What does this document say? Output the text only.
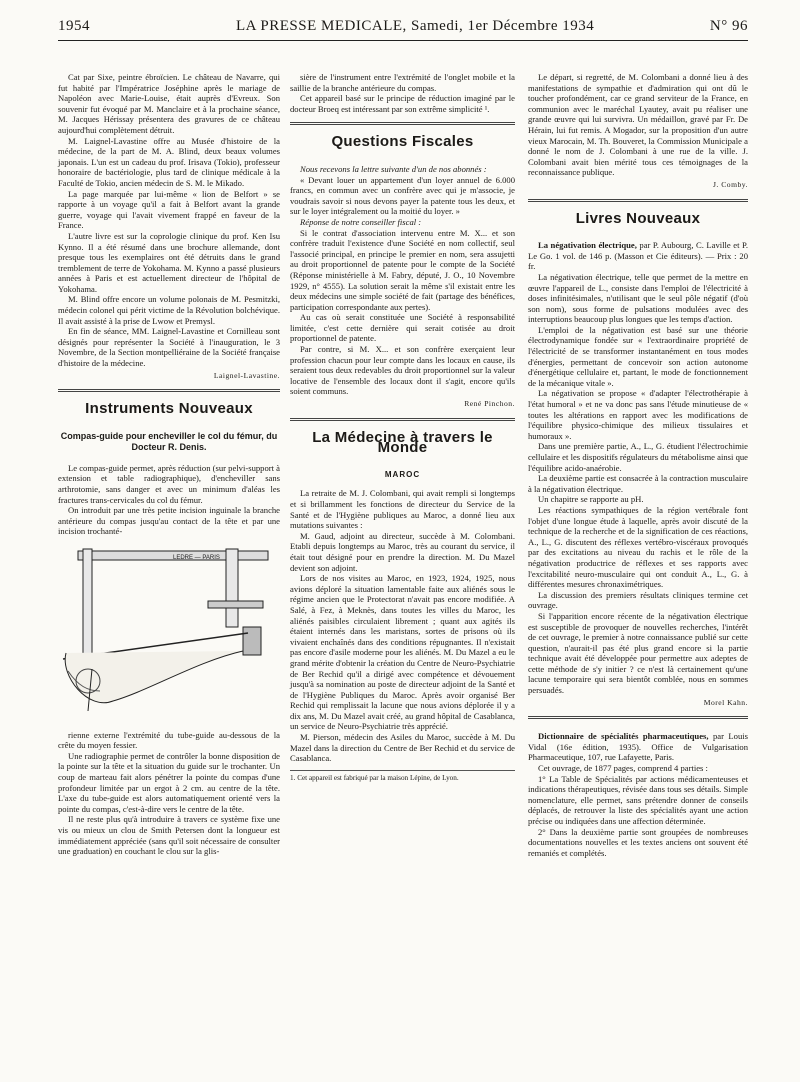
1954	LA PRESSE MEDICALE, Samedi, 1er Décembre 1934	N° 96

Cat par Sixe, peintre ébroïcien. Le château de Navarre, qui fut habité par l'Impératrice Joséphine après le mariage de Napoléon avec Marie-Louise, était auprès d'Evreux. Son souvenir fut évoqué par M. Manclaire et à la prochaine séance, M. Jacques Hérissay présentera des gravures de ce château aujourd'hui complètement détruit.

M. Laignel-Lavastine offre au Musée d'histoire de la médecine, de la part de M. A. Blind, deux beaux volumes japonais. L'un est un cadeau du prof. Irisava (Tokio), professeur honoraire de bactériologie, plus tard de clinique médicale à la Faculté de Tokio, ancien médecin de S. M. le Mikado.

La page marquée par lui-même « lion de Belfort » se rapporte à un voyage qu'il a fait à Belfort avant la grande guerre, voyage qui l'avait vivement frappé en faveur de la France.

L'autre livre est sur la coprologie clinique du prof. Ken Isu Kynno. Il a été résumé dans une brochure allemande, dont presque tous les exemplaires ont été détruits dans le grand tremblement de terre de Yokohama. M. Kynno a passé plusieurs années à Paris et est actuellement directeur de l'hôpital de Yokohama.

M. Blind offre encore un volume polonais de M. Pesmitzki, médecin colonel qui périt victime de la Révolution bolchévique. Il avait assisté à la prise de Lwow et Premysl.

En fin de séance, MM. Laignel-Lavastine et Cornilleau sont désignés pour représenter la Société à l'inauguration, le 3 Novembre, de la Section montpelliéraine de la Société française d'histoire de la médecine.

Laignel-Lavastine.

Instruments Nouveaux
Compas-guide pour encheviller le col du fémur, du Docteur R. Denis.

Le compas-guide permet, après réduction (sur pelvi-support à extension et table radiographique), d'encheviller sans arthrotomie, sans danger et avec un minimum d'aléas les fractures trans-cervicales du col du fémur.

On introduit par une très petite incision inguinale la branche antérieure du compas jusqu'au contact de la tête et par une incision trochanté-

LEDRE — PARIS

rienne externe l'extrémité du tube-guide au-dessous de la crête du moyen fessier.

Une radiographie permet de contrôler la bonne disposition de la pointe sur la tête et la situation du guide sur le trochanter. Un coup de marteau fait alors pénétrer la pointe du compas d'une profondeur limitée par un ergot à 2 cm. au centre de la tête. L'axe du tube-guide est alors automatiquement orienté vers la pointe du compas, c'est-à-dire vers le centre de la tête.

Il ne reste plus qu'à introduire à travers ce système fixe une vis ou mieux un clou de Smith Petersen dont la longueur est immédiatement appréciée (sans qu'il soit nécessaire de consulter une graduation) en couchant le clou sur la glis-

sière de l'instrument entre l'extrémité de l'onglet mobile et la saillie de la branche antérieure du compas.

Cet appareil basé sur le principe de réduction imaginé par le docteur Broeq est intéressant par son extrême simplicité ¹.

Questions Fiscales

Nous recevons la lettre suivante d'un de nos abonnés :

« Devant louer un appartement d'un loyer annuel de 6.000 francs, en commun avec un confrère avec qui je m'associe, je voudrais savoir si nous devons payer la patente tous les deux, et sur le loyer intégralement ou la moitié du loyer. »

Réponse de notre conseiller fiscal :

Si le contrat d'association intervenu entre M. X... et son confrère traduit l'existence d'une Société en nom collectif, seul l'associé principal, en principe le premier en nom, sera assujetti au droit proportionnel de patente pour le compte de la Société (Réponse ministérielle à M. Fabry, député, J. O., 10 Novembre 1929, n° 4555). La solution serait la même s'il existait entre les deux médecins une simple société de fait (partage des bénéfices, participation correspondante aux pertes).

Au cas où serait constituée une Société à responsabilité limitée, c'est cette dernière qui serait cotisée au droit proportionnel de patente.

Par contre, si M. X... et son confrère exerçaient leur profession chacun pour leur compte dans les locaux en cause, ils seraient tous deux redevables du droit proportionnel sur la valeur locative de l'ensemble des locaux dont il s'agit, encore qu'ils soient communs.

René Pinchon.

La Médecine à travers le Monde
MAROC

La retraite de M. J. Colombani, qui avait rempli si longtemps et si brillamment les fonctions de directeur du Service de la Santé et de l'Hygiène publiques au Maroc, a donné lieu aux mutations suivantes :

M. Gaud, adjoint au directeur, succède à M. Colombani. Etabli depuis longtemps au Maroc, très au courant du service, il était tout désigné pour en prendre la direction. M. Du Mazel devient son adjoint.

Lors de nos visites au Maroc, en 1923, 1924, 1925, nous avions déploré la situation lamentable faite aux aliénés sous le régime ancien que le Protectorat n'avait pas encore modifiée. A Salé, à Fez, à Meknès, dans toutes les villes du Maroc, les aliénés paisibles circulaient librement ; quant aux agités ils étaient internés dans les maristans, sortes de prisons où ils vivaient enchaînés dans des conditions répugnantes. Il n'existait pas encore d'asile moderne pour les aliénés. M. Du Mazel a eu le grand mérite d'obtenir la création du Centre de Neuro-Psychiatrie de Ber Rechid qu'il a dirigé avec compétence et dévouement jusqu'à sa nomination au poste de directeur adjoint de la Santé et de l'Hygiène Publiques du Maroc. Après avoir organisé Ber Rechid qui remplissait la lacune que nous avions déplorée il y a dix ans, M. Du Mazel avait créé, au grand hôpital de Casablanca, un service de Neuro-Psychiatrie très apprécié.

M. Pierson, médecin des Asiles du Maroc, succède à M. Du Mazel dans la direction du Centre de Ber Rechid et du service de Casablanca.

1. Cet appareil est fabriqué par la maison Lépine, de Lyon.

Le départ, si regretté, de M. Colombani a donné lieu à des manifestations de sympathie et d'admiration qui ont dû le toucher profondément, car ce grand serviteur de la France, en communion avec le maréchal Lyautey, avait pu réaliser une grande œuvre qui lui survivra. Un médaillon, gravé par Fr. De Hérain, lui fut remis. A Mogador, sur la proposition d'un autre vieux Marocain, M. Th. Bouveret, la Commission Municipale a donné le nom de J. Colombani à une rue de la ville. J. Colombani avait bien mérité tous ces témoignages de la reconnaissance publique.

J. Comby.

Livres Nouveaux

La négativation électrique, par P. Aubourg, C. Laville et P. Le Go. 1 vol. de 146 p. (Masson et Cie éditeurs). — Prix : 20 fr.

La négativation électrique, telle que permet de la mettre en œuvre l'appareil de L., consiste dans l'emploi de l'électricité à doses infinitésimales, n'utilisant que le seul pôle négatif (d'où son nom), sous forme de pulsations modulées avec des interruptions beaucoup plus longues que les temps d'action.

L'emploi de la négativation est basé sur une théorie électrodynamique fondée sur « l'extraordinaire propriété de l'électricité de se transformer instantanément en tous modes d'énergies, permettant de concevoir son action autonome d'énergétique cellulaire et, partant, le mode de fonctionnement de la mécanique vitale ».

La négativation se propose « d'adapter l'électrothérapie à l'état humoral » et ne va donc pas sans l'étude minutieuse de « toutes les altérations en rapport avec les modifications de l'équilibre physico-chimique des milieux tissulaires et humoraux ».

Dans une première partie, A., L., G. étudient l'électrochimie cellulaire et les dispositifs régulateurs du métabolisme ainsi que l'équilibre acido-anaérobie.

La deuxième partie est consacrée à la contraction musculaire à la négativation électrique.

Un chapitre se rapporte au pH.

Les réactions sympathiques de la région vertébrale font l'objet d'une longue étude à laquelle, après avoir discuté de la technique de la recherche et de la signification de ces réactions, A., L., G. discutent des réflexes vertébro-viscéraux provoqués par des excitations au niveau du rachis et le rôle de la négativation productrice de réflexes et ses rapports avec l'excitabilité neuro-musculaire qui ont conduit A., L., G. à différentes mesures chronaximétriques.

La discussion des premiers résultats cliniques termine cet ouvrage.

Si l'apparition encore récente de la négativation électrique est susceptible de provoquer de nouvelles recherches, l'intérêt de cet ouvrage, le premier à notre connaissance publié sur cette question, n'aurait-il pas été plus grand encore si la partie technique avait été développée pour permettre aux adeptes de cette méthode de s'y initier ? ce n'est là certainement qu'une lacune temporaire qui sera bientôt comblée, nous en sommes persuadés.

Morel Kahn.

Dictionnaire de spécialités pharmaceutiques, par Louis Vidal (16e édition, 1935). Office de Vulgarisation Pharmaceutique, 107, rue Lafayette, Paris.

Cet ouvrage, de 1877 pages, comprend 4 parties :

1° La Table de Spécialités par actions médicamenteuses et indications thérapeutiques, révisée dans tous ses détails. Simple nomenclature, elle permet, sans prétendre donner de conseils déplacés, de retrouver la liste des spécialités ayant une action précise ou indiquées dans une affection déterminée.

2° Dans la deuxième partie sont groupées de nombreuses documentations nouvelles et les textes anciens ont souvent été remaniés et complétés.
